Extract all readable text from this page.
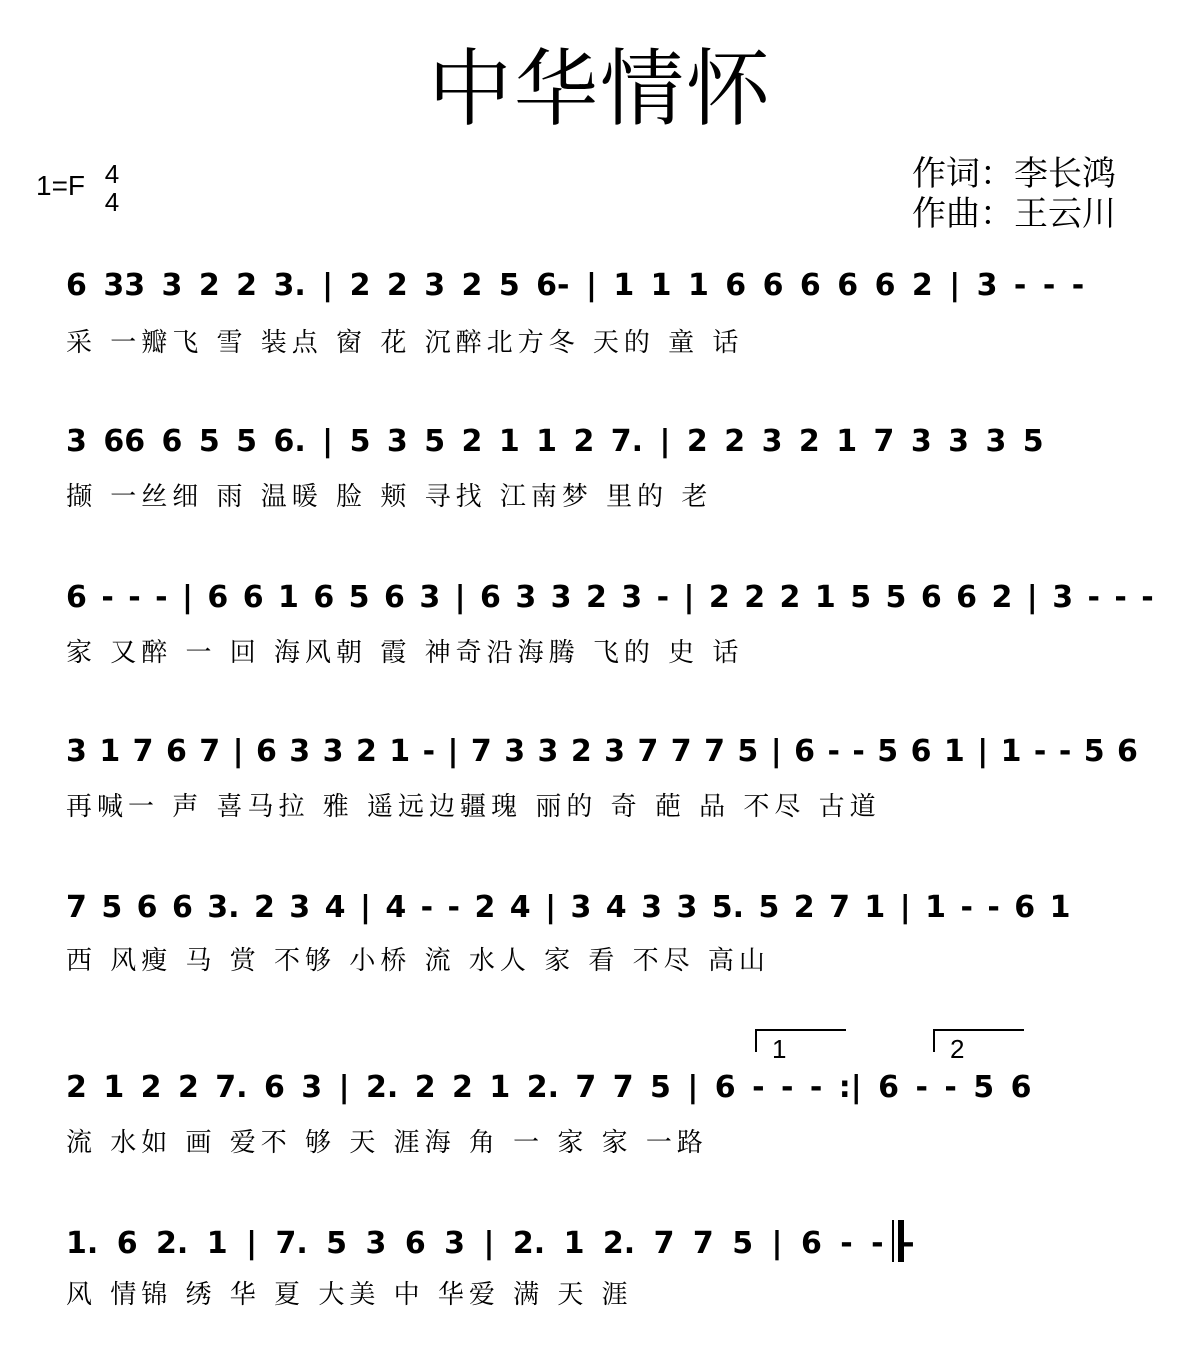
中华情怀
1=F 4
4
作词：李长鸿
作曲：王云川
6 33 3 2 2 3. | 2 2 3 2 5 6- | 1 1 1 6 6 6 6 6 2 | 3 - - -
采 一瓣飞 雪 装点 窗 花 沉醉北方冬 天的 童 话
3 66 6 5 5 6. | 5 3 5 2 1 1 2 7. | 2 2 3 2 1 7 3 3 3 5
撷 一丝细 雨 温暖 脸 颊 寻找 江南梦 里的 老
6 - - - | 6 6 1 6 5 6 3 | 6 3 3 2 3 - | 2 2 2 1 5 5 6 6 2 | 3 - - -
家 又醉 一 回 海风朝 霞 神奇沿海腾 飞的 史 话
3 1 7 6 7 | 6 3 3 2 1 - | 7 3 3 2 3 7 7 7 5 | 6 - - 5 6 1 | 1 - - 5 6
再喊一 声 喜马拉 雅 遥远边疆瑰 丽的 奇 葩 品 不尽 古道
7 5 6 6 3. 2 3 4 | 4 - - 2 4 | 3 4 3 3 5. 5 2 7 1 | 1 - - 6 1
西 风瘦 马 赏 不够 小桥 流 水人 家 看 不尽 高山
2 1 2 2 7. 6 3 | 2. 2 2 1 2. 7 7 5 | 6 - - - :| 6 - - 5 6
流 水如 画 爱不 够 天 涯海 角 一 家 家 一路
1. 6 2. 1 | 7. 5 3 6 3 | 2. 1 2. 7 7 5 | 6 - - -
风 情锦 绣 华 夏 大美 中 华爱 满 天 涯
1	2
